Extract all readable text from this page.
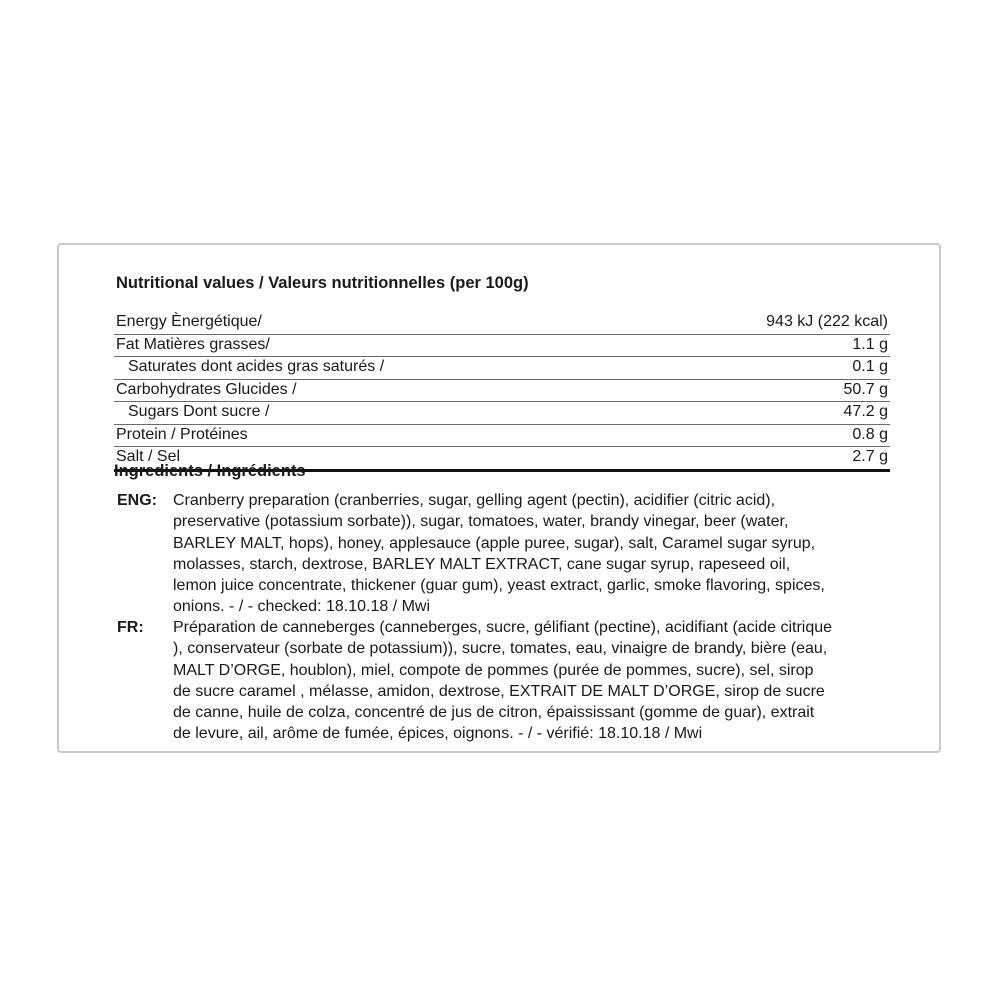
Nutritional values / Valeurs nutritionnelles (per 100g)
Energy Ènergétique/	943 kJ (222 kcal)
Fat Matières grasses/	1.1 g
Saturates dont acides gras saturés /	0.1 g
Carbohydrates Glucides /	50.7 g
Sugars Dont sucre /	47.2 g
Protein / Protéines	0.8 g
Salt / Sel	2.7 g
Ingredients / Ingrédients
ENG: Cranberry preparation (cranberries, sugar, gelling agent (pectin), acidifier (citric acid),
preservative (potassium sorbate)), sugar, tomatoes, water, brandy vinegar, beer (water,
BARLEY MALT, hops), honey, applesauce (apple puree, sugar), salt, Caramel sugar syrup,
molasses, starch, dextrose, BARLEY MALT EXTRACT, cane sugar syrup, rapeseed oil,
lemon juice concentrate, thickener (guar gum), yeast extract, garlic, smoke flavoring, spices,
onions. - / - checked: 18.10.18 / Mwi
FR: Préparation de canneberges (canneberges, sucre, gélifiant (pectine), acidifiant (acide citrique
), conservateur (sorbate de potassium)), sucre, tomates, eau, vinaigre de brandy, bière (eau,
MALT D’ORGE, houblon), miel, compote de pommes (purée de pommes, sucre), sel, sirop
de sucre caramel , mélasse, amidon, dextrose, EXTRAIT DE MALT D’ORGE, sirop de sucre
de canne, huile de colza, concentré de jus de citron, épaississant (gomme de guar), extrait
de levure, ail, arôme de fumée, épices, oignons. - / - vérifié: 18.10.18 / Mwi
